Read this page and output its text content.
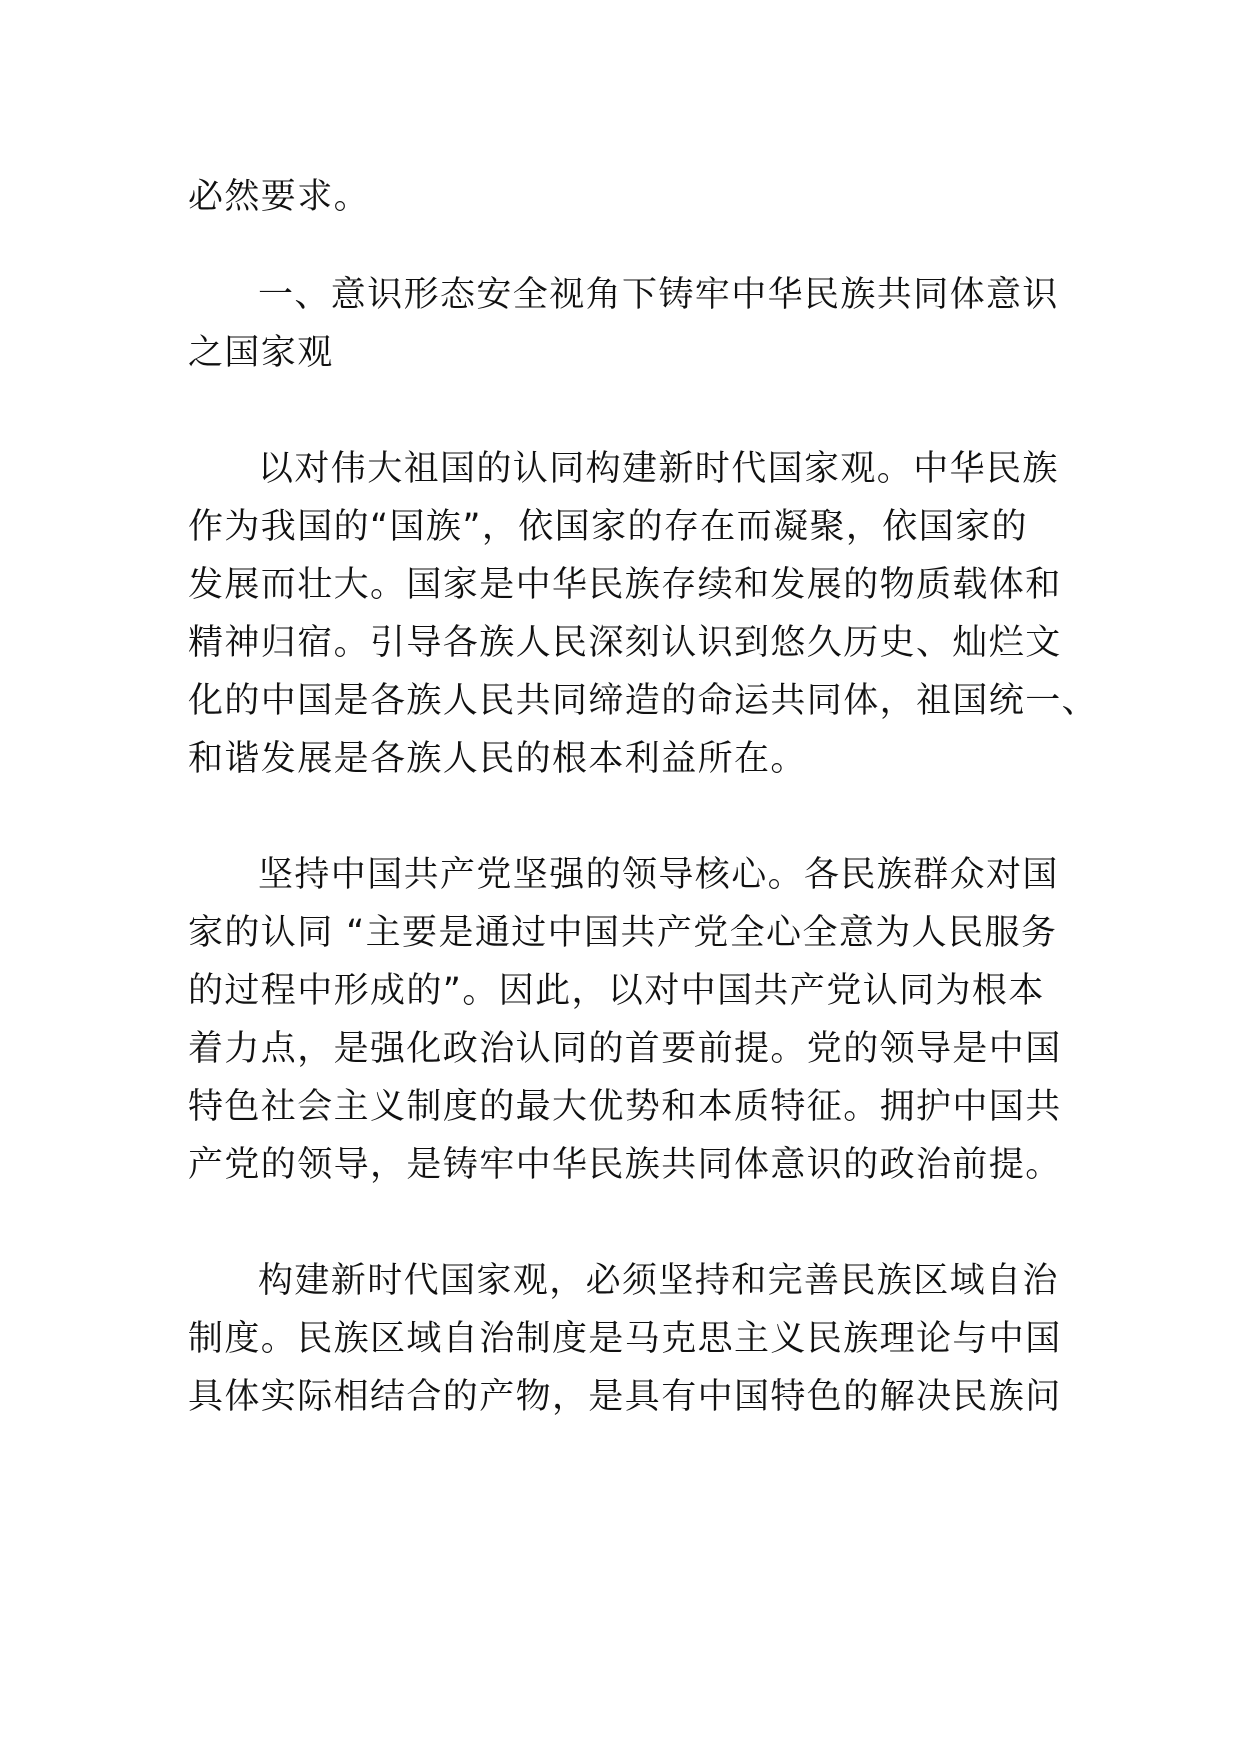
必然要求。
一、意识形态安全视角下铸牢中华民族共同体意识
之国家观
以对伟大祖国的认同构建新时代国家观。中华民族
作为我国的“国族”，依国家的存在而凝聚，依国家的
发展而壮大。国家是中华民族存续和发展的物质载体和
精神归宿。引导各族人民深刻认识到悠久历史、灿烂文
化的中国是各族人民共同缔造的命运共同体，祖国统一、
和谐发展是各族人民的根本利益所在。
坚持中国共产党坚强的领导核心。各民族群众对国
家的认同 “主要是通过中国共产党全心全意为人民服务
的过程中形成的”。因此，以对中国共产党认同为根本
着力点，是强化政治认同的首要前提。党的领导是中国
特色社会主义制度的最大优势和本质特征。拥护中国共
产党的领导，是铸牢中华民族共同体意识的政治前提。
构建新时代国家观，必须坚持和完善民族区域自治
制度。民族区域自治制度是马克思主义民族理论与中国
具体实际相结合的产物，是具有中国特色的解决民族问
